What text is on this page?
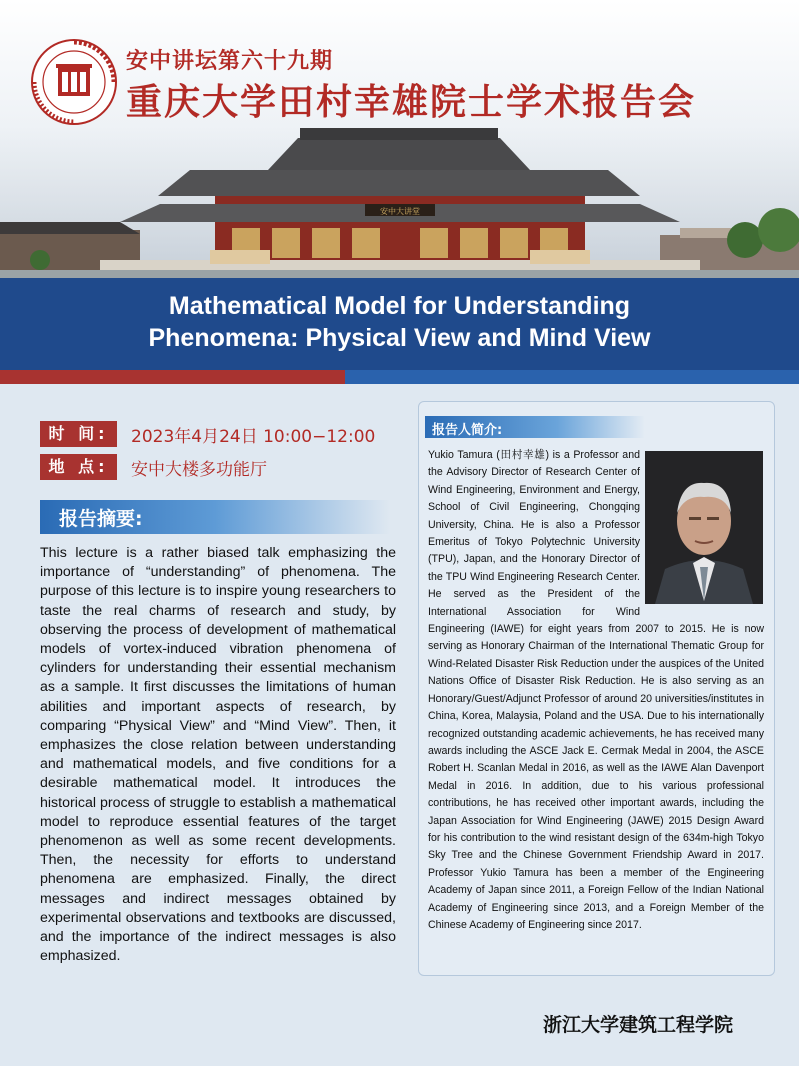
安中大讲堂
安中讲坛第六十九期
重庆大学田村幸雄院士学术报告会
Mathematical Model for Understanding
Phenomena: Physical View and Mind View
时 间:	2023年4月24日 10:00−12:00
地 点:	安中大楼多功能厅
报告摘要:
This lecture is a rather biased talk emphasizing the importance of “understanding” of phenomena. The purpose of this lecture is to inspire young researchers to taste the real charms of research and study, by observing the process of development of mathematical models of vortex-induced vibration phenomena of cylinders for understanding their essential mechanism as a sample. It first discusses the limitations of human abilities and important aspects of research, by comparing “Physical View” and “Mind View”. Then, it emphasizes the close relation between understanding and mathematical models, and five conditions for a desirable mathematical model. It introduces the historical process of struggle to establish a mathematical model to reproduce essential features of the target phenomenon as well as some recent developments. Then, the necessity for efforts to understand phenomena are emphasized. Finally, the direct messages and indirect messages obtained by experimental observations and textbooks are discussed, and the importance of the indirect messages is also emphasized.
报告人简介:
Yukio Tamura (田村幸雄) is a Professor and the Advisory Director of Research Center of Wind Engineering, Environment and Energy, School of Civil Engineering, Chongqing University, China. He is also a Professor Emeritus of Tokyo Polytechnic University (TPU), Japan, and the Honorary Director of the TPU Wind Engineering Research Center. He served as the President of the International Association for Wind Engineering (IAWE) for eight years from 2007 to 2015. He is now serving as Honorary Chairman of the International Thematic Group for Wind-Related Disaster Risk Reduction under the auspices of the United Nations Office of Disaster Risk Reduction. He is also serving as an Honorary/Guest/Adjunct Professor of around 20 universities/institutes in China, Korea, Malaysia, Poland and the USA. Due to his internationally recognized outstanding academic achievements, he has received many awards including the ASCE Jack E. Cermak Medal in 2004, the ASCE Robert H. Scanlan Medal in 2016, as well as the IAWE Alan Davenport Medal in 2016. In addition, due to his various professional contributions, he has received other important awards, including the Japan Association for Wind Engineering (JAWE) 2015 Design Award for his contribution to the wind resistant design of the 634m-high Tokyo Sky Tree and the Chinese Government Friendship Award in 2017. Professor Yukio Tamura has been a member of the Engineering Academy of Japan since 2011, a Foreign Fellow of the Indian National Academy of Engineering since 2013, and a Foreign Member of the Chinese Academy of Engineering since 2017.
浙江大学建筑工程学院
